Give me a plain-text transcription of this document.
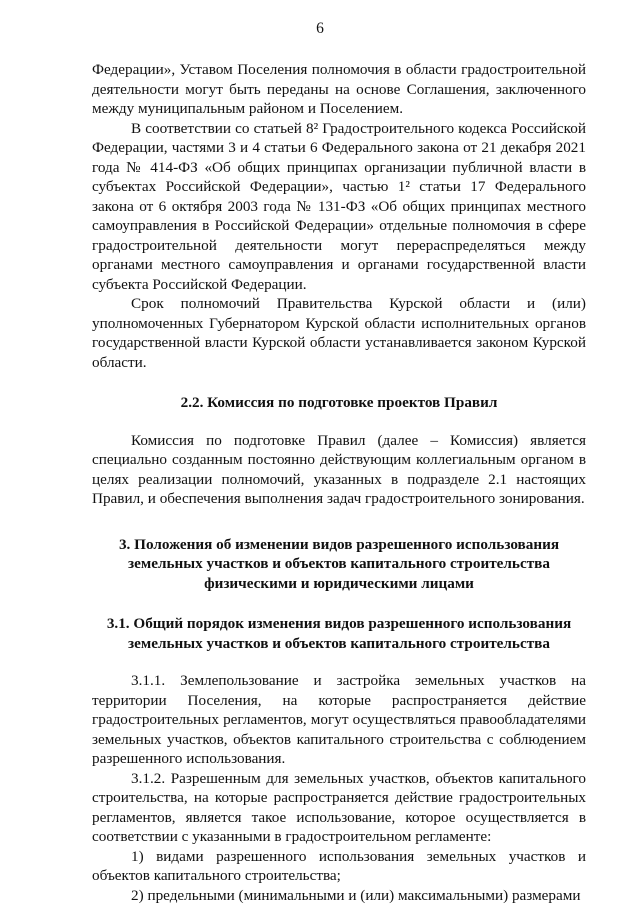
6

Федерации», Уставом Поселения полномочия в области градостроительной деятельности могут быть переданы на основе Соглашения, заключенного между муниципальным районом и Поселением.

В соответствии со статьей 8² Градостроительного кодекса Российской Федерации, частями 3 и 4 статьи 6 Федерального закона от 21 декабря 2021 года № 414-ФЗ «Об общих принципах организации публичной власти в субъектах Российской Федерации», частью 1² статьи 17 Федерального закона от 6 октября 2003 года № 131-ФЗ «Об общих принципах местного самоуправления в Российской Федерации» отдельные полномочия в сфере градостроительной деятельности могут перераспределяться между органами местного самоуправления и органами государственной власти субъекта Российской Федерации.

Срок полномочий Правительства Курской области и (или) уполномоченных Губернатором Курской области исполнительных органов государственной власти Курской области устанавливается законом Курской области.

2.2. Комиссия по подготовке проектов Правил

Комиссия по подготовке Правил (далее – Комиссия) является специально созданным постоянно действующим коллегиальным органом в целях реализации полномочий, указанных в подразделе 2.1 настоящих Правил, и обеспечения выполнения задач градостроительного зонирования.

3. Положения об изменении видов разрешенного использования земельных участков и объектов капитального строительства физическими и юридическими лицами
3.1. Общий порядок изменения видов разрешенного использования земельных участков и объектов капитального строительства

3.1.1. Землепользование и застройка земельных участков на территории Поселения, на которые распространяется действие градостроительных регламентов, могут осуществляться правообладателями земельных участков, объектов капитального строительства с соблюдением разрешенного использования.

3.1.2. Разрешенным для земельных участков, объектов капитального строительства, на которые распространяется действие градостроительных регламентов, является такое использование, которое осуществляется в соответствии с указанными в градостроительном регламенте:

1) видами разрешенного использования земельных участков и объектов капитального строительства;

2) предельными (минимальными и (или) максимальными) размерами
